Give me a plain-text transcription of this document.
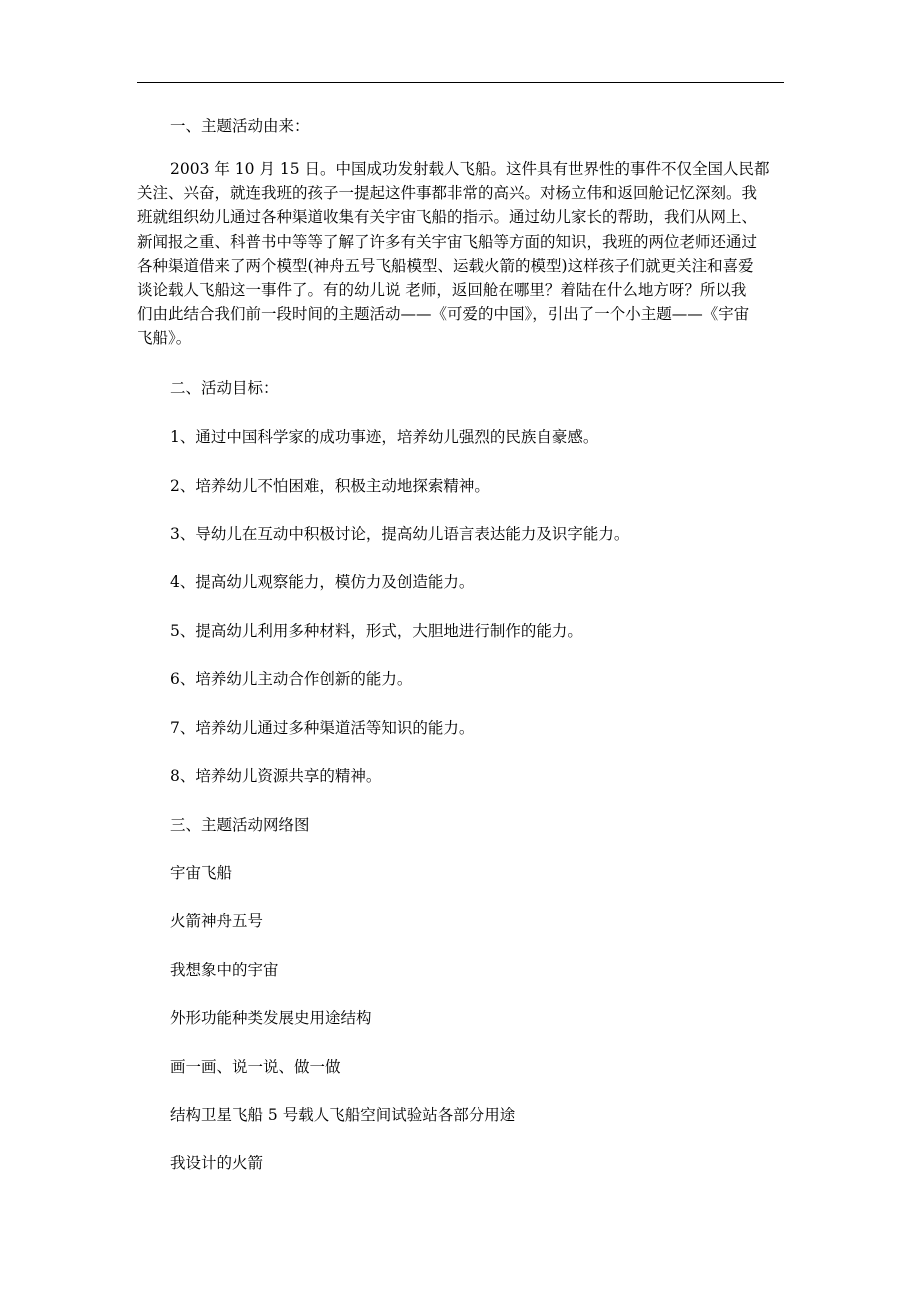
一、主题活动由来：

2003 年 10 月 15 日。中国成功发射载人飞船。这件具有世界性的事件不仅全国人民都
关注、兴奋，就连我班的孩子一提起这件事都非常的高兴。对杨立伟和返回舱记忆深刻。我
班就组织幼儿通过各种渠道收集有关宇宙飞船的指示。通过幼儿家长的帮助，我们从网上、
新闻报之重、科普书中等等了解了许多有关宇宙飞船等方面的知识，我班的两位老师还通过
各种渠道借来了两个模型(神舟五号飞船模型、运载火箭的模型)这样孩子们就更关注和喜爱
谈论载人飞船这一事件了。有的幼儿说 老师，返回舱在哪里？着陆在什么地方呀？所以我
们由此结合我们前一段时间的主题活动——《可爱的中国》，引出了一个小主题——《宇宙
飞船》。

二、活动目标：

1、通过中国科学家的成功事迹，培养幼儿强烈的民族自豪感。

2、培养幼儿不怕困难，积极主动地探索精神。

3、导幼儿在互动中积极讨论，提高幼儿语言表达能力及识字能力。

4、提高幼儿观察能力，模仿力及创造能力。

5、提高幼儿利用多种材料，形式，大胆地进行制作的能力。

6、培养幼儿主动合作创新的能力。

7、培养幼儿通过多种渠道活等知识的能力。

8、培养幼儿资源共享的精神。

三、主题活动网络图

宇宙飞船

火箭神舟五号

我想象中的宇宙

外形功能种类发展史用途结构

画一画、说一说、做一做

结构卫星飞船 5 号载人飞船空间试验站各部分用途

我设计的火箭
